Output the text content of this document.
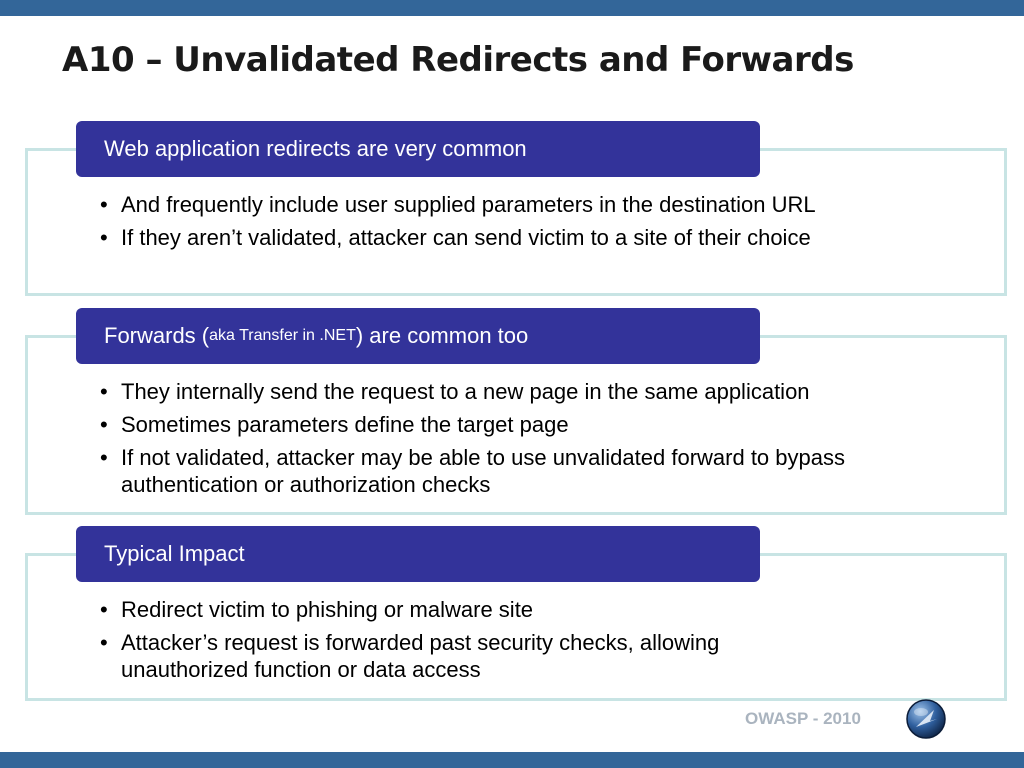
A10 – Unvalidated Redirects and Forwards
Web application redirects are very common
• And frequently include user supplied parameters in the destination URL
• If they aren’t validated, attacker can send victim to a site of their choice
Forwards ( aka Transfer in .NET ) are common too
• They internally send the request to a new page in the same application
• Sometimes parameters define the target page
• If not validated, attacker may be able to use unvalidated forward to bypass authentication or authorization checks
Typical Impact
• Redirect victim to phishing or malware site
• Attacker’s request is forwarded past security checks, allowing unauthorized function or data access
OWASP - 2010
